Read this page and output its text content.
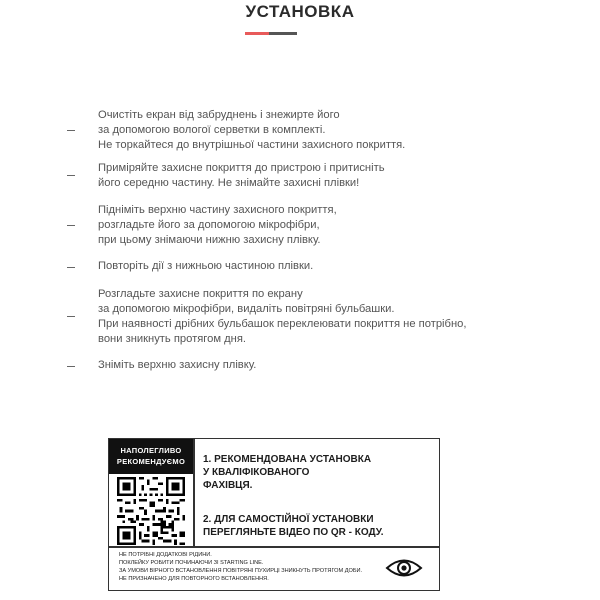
УСТАНОВКА
Очистіть екран від забруднень і знежирте його
за допомогою вологої серветки в комплекті.
Не торкайтеся до внутрішньої частини захисного покриття.
Приміряйте захисне покриття до пристрою і притисніть
його середню частину. Не знімайте захисні плівки!
Підніміть верхню частину захисного покриття,
розгладьте його за допомогою мікрофібри,
при цьому знімаючи нижню захисну плівку.
Повторіть дії з нижньою частиною плівки.
Розгладьте захисне покриття по екрану
за допомогою мікрофібри, видаліть повітряні бульбашки.
При наявності дрібних бульбашок переклеювати покриття не потрібно,
вони зникнуть протягом дня.
Зніміть верхню захисну плівку.
НАПОЛЕГЛИВО
РЕКОМЕНДУЄМО	1. РЕКОМЕНДОВАНА УСТАНОВКА
У КВАЛІФІКОВАНОГО
ФАХІВЦЯ.
2. ДЛЯ САМОСТІЙНОЇ УСТАНОВКИ
ПЕРЕГЛЯНЬТЕ ВІДЕО ПО QR - КОДУ.
НЕ ПОТРІБНІ ДОДАТКОВІ РІДИНИ.
ПОКЛЕЙКУ РОБИТИ ПОЧИНАЮЧИ ЗІ STARTING LINE.
ЗА УМОВИ ВІРНОГО ВСТАНОВЛЕННЯ ПОВІТРЯНІ ПУХИРЦІ ЗНИКНУТЬ ПРОТЯГОМ ДОБИ.
НЕ ПРИЗНАЧЕНО ДЛЯ ПОВТОРНОГО ВСТАНОВЛЕННЯ.
